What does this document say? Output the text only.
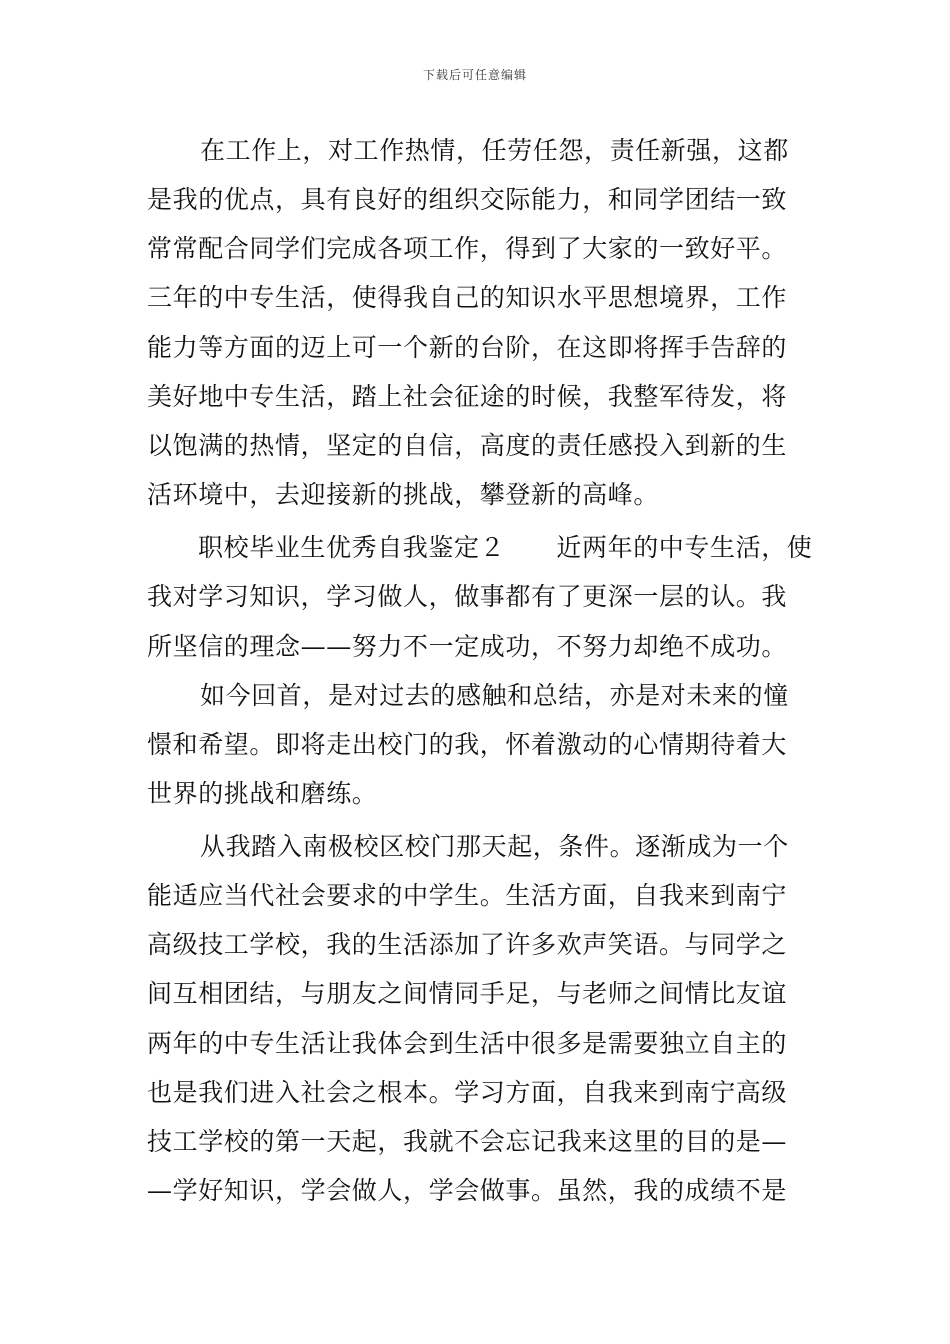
下载后可任意编辑
在工作上，对工作热情，任劳任怨，责任新强，这都
是我的优点，具有良好的组织交际能力，和同学团结一致
常常配合同学们完成各项工作，得到了大家的一致好平。
三年的中专生活，使得我自己的知识水平思想境界，工作
能力等方面的迈上可一个新的台阶，在这即将挥手告辞的
美好地中专生活，踏上社会征途的时候，我整军待发，将
以饱满的热情，坚定的自信，高度的责任感投入到新的生
活环境中，去迎接新的挑战，攀登新的高峰。
职校毕业生优秀自我鉴定２　　近两年的中专生活，使
我对学习知识，学习做人，做事都有了更深一层的认。我
所坚信的理念——努力不一定成功，不努力却绝不成功。
如今回首，是对过去的感触和总结，亦是对未来的憧
憬和希望。即将走出校门的我，怀着激动的心情期待着大
世界的挑战和磨练。
从我踏入南极校区校门那天起，条件。逐渐成为一个
能适应当代社会要求的中学生。生活方面，自我来到南宁
高级技工学校，我的生活添加了许多欢声笑语。与同学之
间互相团结，与朋友之间情同手足，与老师之间情比友谊
两年的中专生活让我体会到生活中很多是需要独立自主的
也是我们进入社会之根本。学习方面，自我来到南宁高级
技工学校的第一天起，我就不会忘记我来这里的目的是—
—学好知识，学会做人，学会做事。虽然，我的成绩不是
